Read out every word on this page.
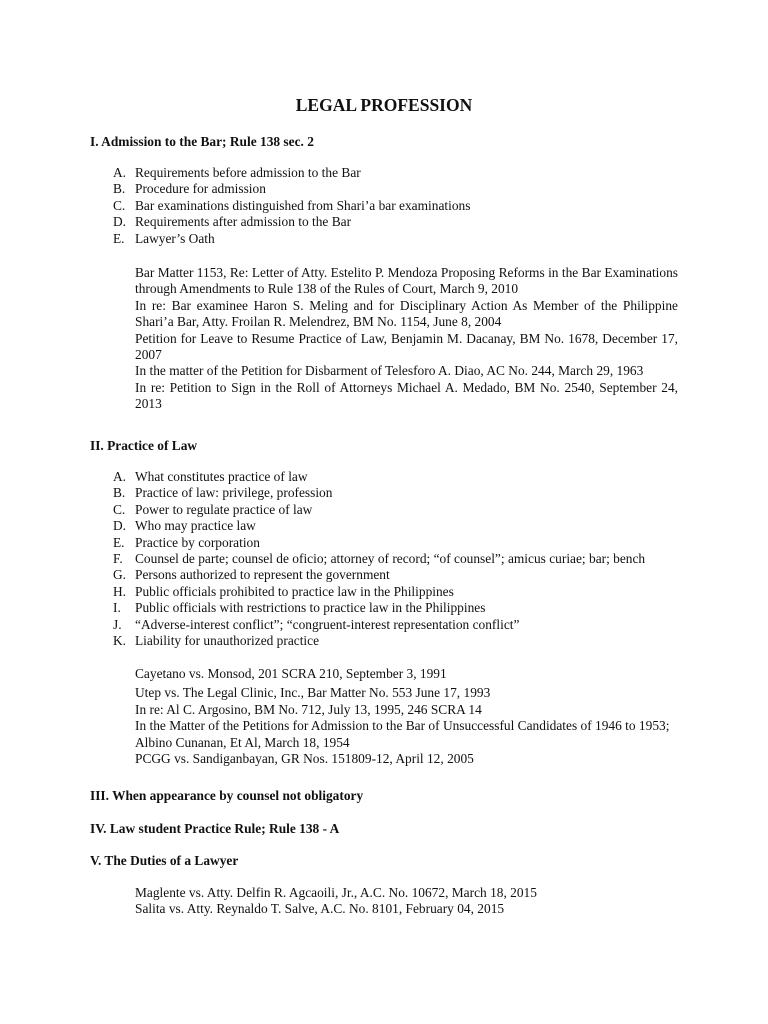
LEGAL PROFESSION
I. Admission to the Bar; Rule 138 sec. 2
A. Requirements before admission to the Bar
B. Procedure for admission
C. Bar examinations distinguished from Shari’a bar examinations
D. Requirements after admission to the Bar
E. Lawyer’s Oath

Bar Matter 1153, Re: Letter of Atty. Estelito P. Mendoza Proposing Reforms in the Bar Examinations through Amendments to Rule 138 of the Rules of Court, March 9, 2010

In re: Bar examinee Haron S. Meling and for Disciplinary Action As Member of the Philippine Shari’a Bar, Atty. Froilan R. Melendrez, BM No. 1154, June 8, 2004

Petition for Leave to Resume Practice of Law, Benjamin M. Dacanay, BM No. 1678, December 17, 2007

In the matter of the Petition for Disbarment of Telesforo A. Diao, AC No. 244, March 29, 1963

In re: Petition to Sign in the Roll of Attorneys Michael A. Medado, BM No. 2540, September 24, 2013

II. Practice of Law
A. What constitutes practice of law
B. Practice of law: privilege, profession
C. Power to regulate practice of law
D. Who may practice law
E. Practice by corporation
F. Counsel de parte; counsel de oficio; attorney of record; “of counsel”; amicus curiae; bar; bench
G. Persons authorized to represent the government
H. Public officials prohibited to practice law in the Philippines
I. Public officials with restrictions to practice law in the Philippines
J. “Adverse-interest conflict”; “congruent-interest representation conflict”
K. Liability for unauthorized practice

Cayetano vs. Monsod, 201 SCRA 210, September 3, 1991

Utep vs. The Legal Clinic, Inc., Bar Matter No. 553 June 17, 1993

In re: Al C. Argosino, BM No. 712, July 13, 1995, 246 SCRA 14

In the Matter of the Petitions for Admission to the Bar of Unsuccessful Candidates of 1946 to 1953; Albino Cunanan, Et Al, March 18, 1954

PCGG vs. Sandiganbayan, GR Nos. 151809-12, April 12, 2005

III. When appearance by counsel not obligatory
IV. Law student Practice Rule; Rule 138 - A
V. The Duties of a Lawyer

Maglente vs. Atty. Delfin R. Agcaoili, Jr., A.C. No. 10672, March 18, 2015

Salita vs. Atty. Reynaldo T. Salve, A.C. No. 8101, February 04, 2015
